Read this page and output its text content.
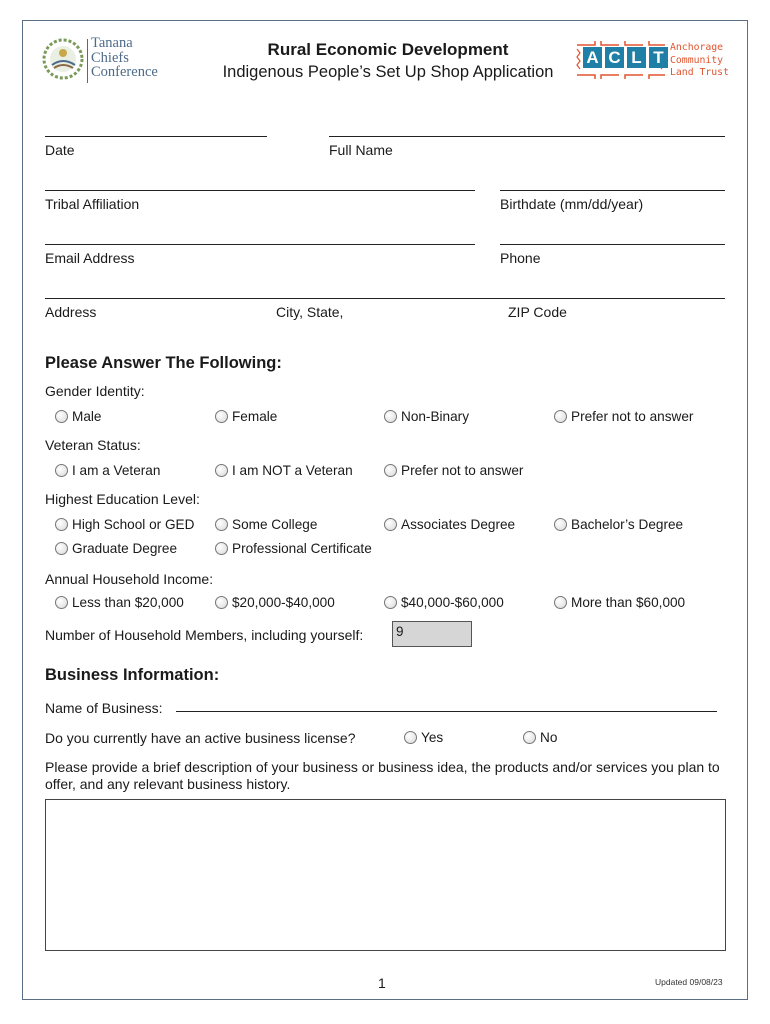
Tanana
Chiefs
Conference
Rural Economic Development
Indigenous People’s Set Up Shop Application
A C L T
Anchorage
Community
Land Trust
Date	Full Name
Tribal Affiliation	Birthdate (mm/dd/year)
Email Address	Phone
Address	City, State,	ZIP Code
Please Answer The Following:
Gender Identity:
Male	Female	Non-Binary	Prefer not to answer
Veteran Status:
I am a Veteran	I am NOT a Veteran	Prefer not to answer
Highest Education Level:
High School or GED	Some College	Associates Degree	Bachelor’s Degree
Graduate Degree	Professional Certificate
Annual Household Income:
Less than $20,000	$20,000-$40,000	$40,000-$60,000	More than $60,000
Number of Household Members, including yourself: 9
Business Information:
Name of Business:
Do you currently have an active business license?	Yes	No
Please provide a brief description of your business or business idea, the products and/or services you plan to offer, and any relevant business history.
1	Updated 09/08/23
